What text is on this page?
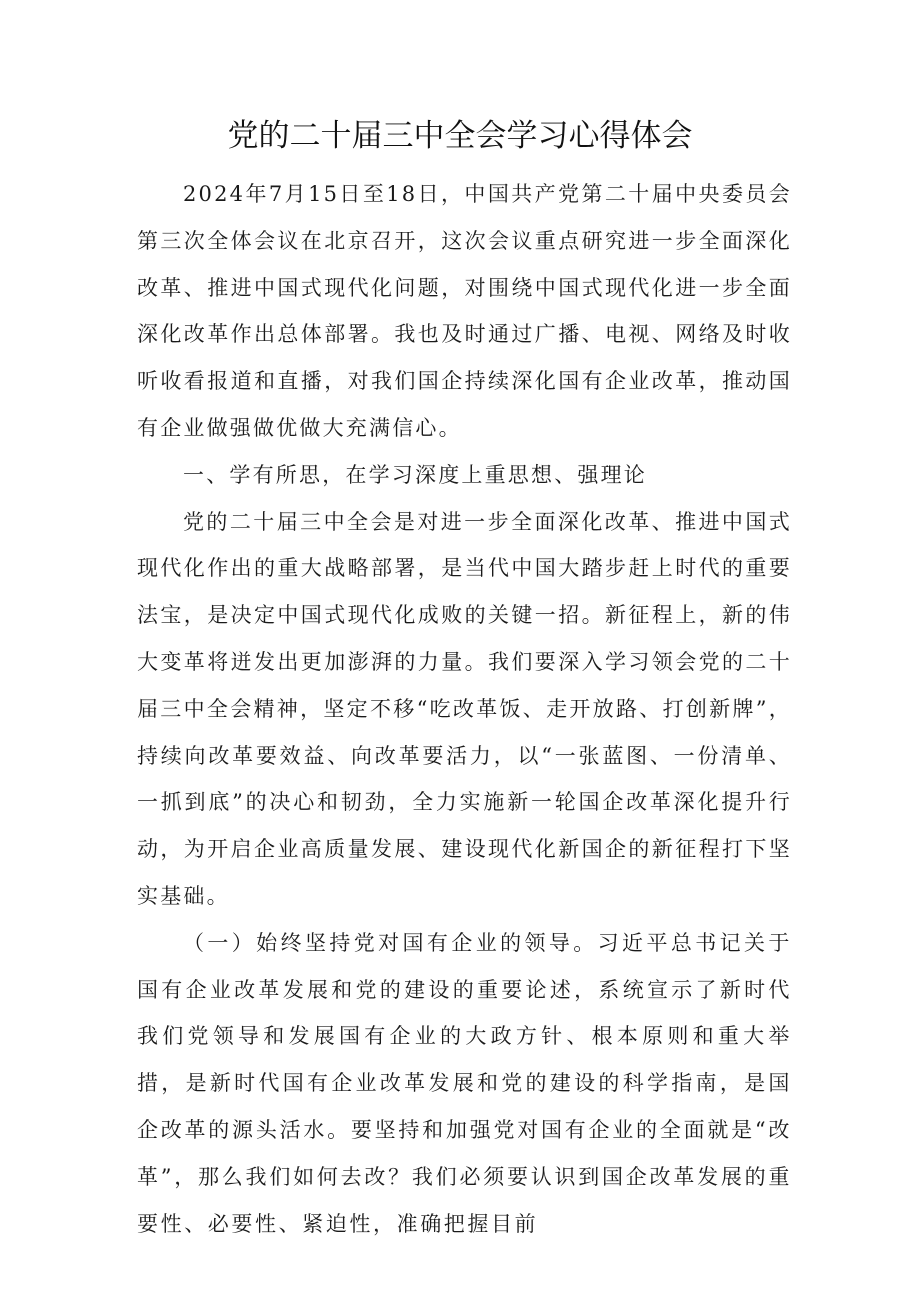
党的二十届三中全会学习心得体会

2024年7月15日至18日，中国共产党第二十届中央委员会第三次全体会议在北京召开，这次会议重点研究进一步全面深化改革、推进中国式现代化问题，对围绕中国式现代化进一步全面深化改革作出总体部署。我也及时通过广播、电视、网络及时收听收看报道和直播，对我们国企持续深化国有企业改革，推动国有企业做强做优做大充满信心。

一、学有所思，在学习深度上重思想、强理论

党的二十届三中全会是对进一步全面深化改革、推进中国式现代化作出的重大战略部署，是当代中国大踏步赶上时代的重要法宝，是决定中国式现代化成败的关键一招。新征程上，新的伟大变革将迸发出更加澎湃的力量。我们要深入学习领会党的二十届三中全会精神，坚定不移“吃改革饭、走开放路、打创新牌”，持续向改革要效益、向改革要活力，以“一张蓝图、一份清单、一抓到底”的决心和韧劲，全力实施新一轮国企改革深化提升行动，为开启企业高质量发展、建设现代化新国企的新征程打下坚实基础。

（一）始终坚持党对国有企业的领导。习近平总书记关于国有企业改革发展和党的建设的重要论述，系统宣示了新时代我们党领导和发展国有企业的大政方针、根本原则和重大举措，是新时代国有企业改革发展和党的建设的科学指南，是国企改革的源头活水。要坚持和加强党对国有企业的全面就是“改革”，那么我们如何去改？我们必须要认识到国企改革发展的重要性、必要性、紧迫性，准确把握目前
